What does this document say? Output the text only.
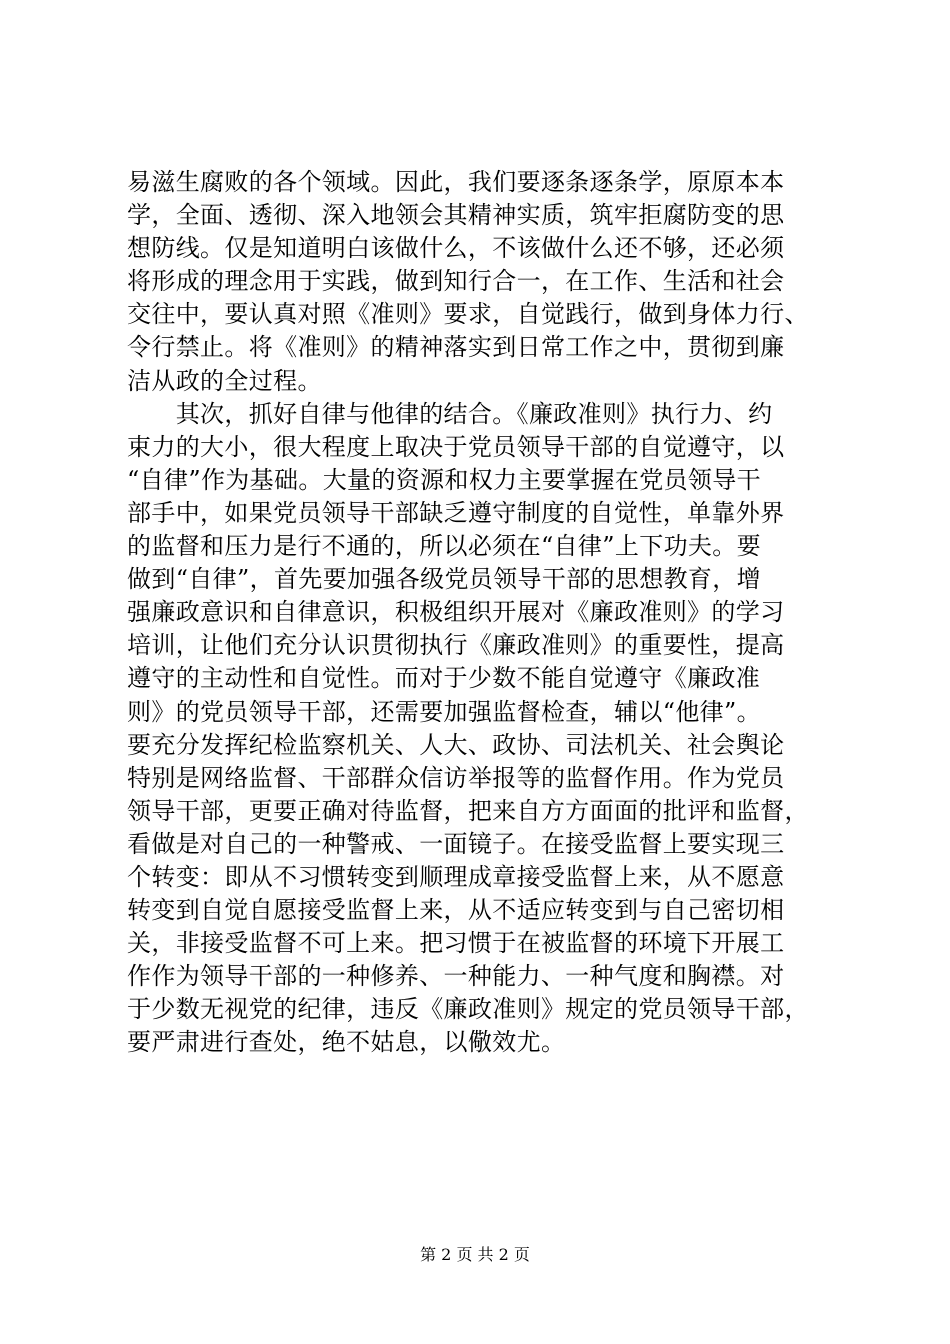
易滋生腐败的各个领域。因此，我们要逐条逐条学，原原本本
学，全面、透彻、深入地领会其精神实质，筑牢拒腐防变的思
想防线。仅是知道明白该做什么，不该做什么还不够，还必须
将形成的理念用于实践，做到知行合一，在工作、生活和社会
交往中，要认真对照《准则》要求，自觉践行，做到身体力行、
令行禁止。将《准则》的精神落实到日常工作之中，贯彻到廉
洁从政的全过程。
　　其次，抓好自律与他律的结合。《廉政准则》执行力、约
束力的大小，很大程度上取决于党员领导干部的自觉遵守，以
“自律”作为基础。大量的资源和权力主要掌握在党员领导干
部手中，如果党员领导干部缺乏遵守制度的自觉性，单靠外界
的监督和压力是行不通的，所以必须在“自律”上下功夫。要
做到“自律”，首先要加强各级党员领导干部的思想教育，增
强廉政意识和自律意识，积极组织开展对《廉政准则》的学习
培训，让他们充分认识贯彻执行《廉政准则》的重要性，提高
遵守的主动性和自觉性。而对于少数不能自觉遵守《廉政准
则》的党员领导干部，还需要加强监督检查，辅以“他律”。
要充分发挥纪检监察机关、人大、政协、司法机关、社会舆论
特别是网络监督、干部群众信访举报等的监督作用。作为党员
领导干部，更要正确对待监督，把来自方方面面的批评和监督，
看做是对自己的一种警戒、一面镜子。在接受监督上要实现三
个转变：即从不习惯转变到顺理成章接受监督上来，从不愿意
转变到自觉自愿接受监督上来，从不适应转变到与自己密切相
关，非接受监督不可上来。把习惯于在被监督的环境下开展工
作作为领导干部的一种修养、一种能力、一种气度和胸襟。对
于少数无视党的纪律，违反《廉政准则》规定的党员领导干部，
要严肃进行查处，绝不姑息，以儆效尤。
第 2 页 共 2 页
